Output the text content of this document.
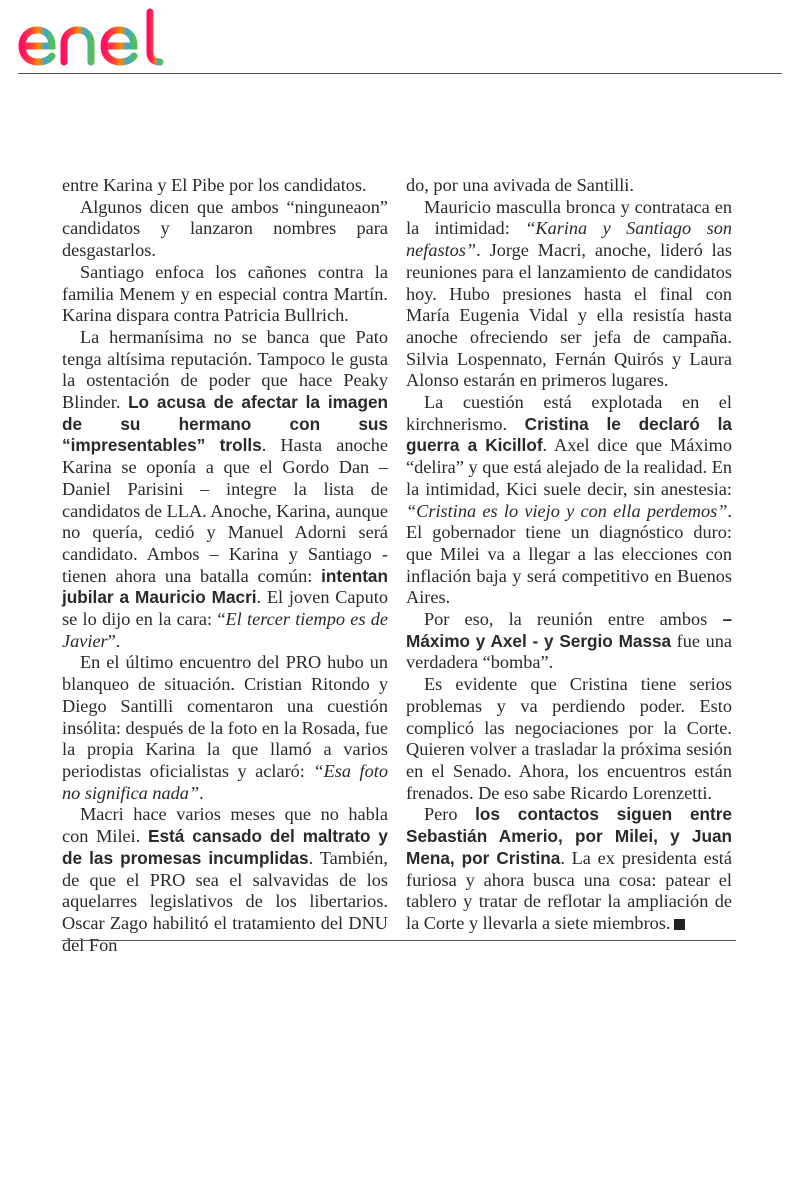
entre Karina y El Pibe por los candidatos.

Algunos dicen que ambos “ninguneaon” candidatos y lanzaron nombres para desgastarlos.

Santiago enfoca los cañones contra la familia Menem y en especial contra Martín. Karina dispara contra Patricia Bullrich.

La hermanísima no se banca que Pato tenga altísima reputación. Tampoco le gusta la ostentación de poder que hace Peaky Blinder. Lo acusa de afectar la imagen de su hermano con sus “impresentables” trolls. Hasta anoche Karina se oponía a que el Gordo Dan – Daniel Parisini – integre la lista de candidatos de LLA. Anoche, Karina, aunque no quería, cedió y Manuel Adorni será candidato. Ambos – Karina y Santiago - tienen ahora una batalla común: intentan jubilar a Mauricio Macri. El joven Caputo se lo dijo en la cara: “El tercer tiempo es de Javier”.

En el último encuentro del PRO hubo un blanqueo de situación. Cristian Ritondo y Diego Santilli comentaron una cuestión insólita: después de la foto en la Rosada, fue la propia Karina la que llamó a varios periodistas oficialistas y aclaró: “Esa foto no significa nada”.

Macri hace varios meses que no habla con Milei. Está cansado del maltrato y de las promesas incumplidas. También, de que el PRO sea el salvavidas de los aquelarres legislativos de los libertarios. Oscar Zago habilitó el tratamiento del DNU del Fon

do, por una avivada de Santilli.

Mauricio mascullа bronca y contrataca en la intimidad: “Karina y Santiago son nefastos”. Jorge Macri, anoche, lideró las reuniones para el lanzamiento de candidatos hoy. Hubo presiones hasta el final con María Eugenia Vidal y ella resistía hasta anoche ofreciendo ser jefa de campaña. Silvia Lospennato, Fernán Quirós y Laura Alonso estarán en primeros lugares.

La cuestión está explotada en el kirchnerismo. Cristina le declaró la guerra a Kicillof. Axel dice que Máximo “delira” y que está alejado de la realidad. En la intimidad, Kici suele decir, sin anestesia: “Cristina es lo viejo y con ella perdemos”. El gobernador tiene un diagnóstico duro: que Milei va a llegar a las elecciones con inflación baja y será competitivo en Buenos Aires.

Por eso, la reunión entre ambos – Máximo y Axel - y Sergio Massa fue una verdadera “bomba”.

Es evidente que Cristina tiene serios problemas y va perdiendo poder. Esto complicó las negociaciones por la Corte. Quieren volver a trasladar la próxima sesión en el Senado. Ahora, los encuentros están frenados. De eso sabe Ricardo Lorenzetti.

Pero los contactos siguen entre Sebastián Amerio, por Milei, y Juan Mena, por Cristina. La ex presidenta está furiosa y ahora busca una cosa: patear el tablero y tratar de reflotar la ampliación de la Corte y llevarla a siete miembros.
